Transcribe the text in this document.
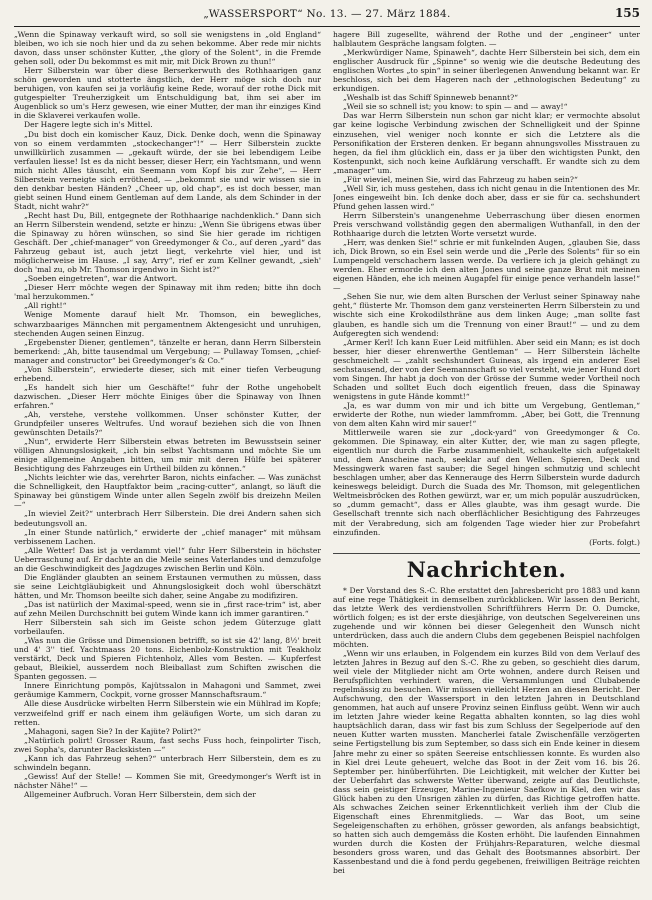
„WASSERSPORT“ No. 13. — 27. März 1884.	155

„Wenn die Spinaway verkauft wird, so soll sie wenigstens in „old England“ bleiben, wo ich sie noch hier und da zu sehen bekomme. Aber rede mir nichts davon, dass unser schönster Kutter, „the glory of the Solent“, in die Fremde gehen soll, oder Du bekommst es mit mir, mit Dick Brown zu thun!“

Herr Silberstein war über diese Berserkerwuth des Rothhaarigen ganz schön geworden und stotterte ängstlich, der Herr möge sich doch nur beruhigen, von kaufen sei ja vorläufig keine Rede, worauf der rothe Dick mit gutgespielter Treuherzigkeit um Entschuldigung bat, ihm sei aber im Augenblick so um's Herz gewesen, wie einer Mutter, der man ihr einziges Kind in die Sklaverei verkaufen wolle.

Der Hagere legte sich in's Mittel.

„Du bist doch ein komischer Kauz, Dick. Denke doch, wenn die Spinaway von so einem verdammten „stockechanger“!“ — Herr Silberstein zuckte unwillkürlich zusammen — „gekauft würde, der sie bei lebendigem Leibe verfaulen liesse! Ist es da nicht besser, dieser Herr, ein Yachtsmann, und wenn mich nicht Alles täuscht, ein Seemann vom Kopf bis zur Zehe“, — Herr Silberstein verneigte sich erröthend, — „bekommt sie und wir wissen sie in den denkbar besten Händen? „Cheer up, old chap“, es ist doch besser, man giebt seinen Hund einem Gentleman auf dem Lande, als dem Schinder in der Stadt, nicht wahr?“

„Recht hast Du, Bill, entgegnete der Rothhaarige nachdenklich.“ Dann sich an Herrn Silberstein wendend, setzte er hinzu: „Wenn Sie übrigens etwas über die Spinaway zu hören wünschen, so sind Sie hier gerade im richtigen Geschäft. Der „chief-manager“ von Greedymonger & Co., auf deren „yard“ das Fahrzeug gebaut ist, auch jetzt liegt, verkehrte viel hier, und ist möglicherweise im Hause. „I say, Arry“, rief er zum Kellner gewandt, „sieh' doch 'mal zu, ob Mr. Thomson irgendwo in Sicht ist?“

„Soeben eingetreten“, war die Antwort.

„Dieser Herr möchte wegen der Spinaway mit ihm reden; bitte ihn doch 'mal herzukommen.“

„All right!“

Wenige Momente darauf hielt Mr. Thomson, ein bewegliches, schwarzbaariges Männchen mit pergamentnem Aktengesicht und unruhigen, stechenden Augen seinen Einzug.

„Ergebenster Diener, gentlemen“, tänzelte er heran, dann Herrn Silberstein bemerkend: „Ah, bitte tausendmal um Vergebung; — Pullaway Tomsen, „chief-manager and constructor“ bei Greedymonger's & Co.“

„Von Silberstein“, erwiederte dieser, sich mit einer tiefen Verbeugung erhebend.

„Es handelt sich hier um Geschäfte!“ fuhr der Rothe ungehobelt dazwischen. „Dieser Herr möchte Einiges über die Spinaway von Ihnen erfahren.“

„Ah, verstehe, verstehe vollkommen. Unser schönster Kutter, der Grundpfeiler unseres Weltrufes. Und worauf beziehen sich die von Ihnen gewünschten Details?“

„Nun“, erwiderte Herr Silberstein etwas betreten im Bewusstsein seiner völligen Ahnungslosigkeit, „ich bin selbst Yachtsmann und möchte Sie um einige allgemeine Angaben bitten, um mir mit deren Hülfe bei späterer Besichtigung des Fahrzeuges ein Urtheil bilden zu können.“

„Nichts leichter wie das, verehrter Baron, nichts einfacher. — Was zunächst die Schnelligkeit, den Hauptfaktor beim „racing-cutter“, anlangt, so läuft die Spinaway bei günstigem Winde unter allen Segeln zwölf bis dreizehn Meilen —“

„In wieviel Zeit?“ unterbrach Herr Silberstein. Die drei Andern sahen sich bedeutungsvoll an.

„In einer Stunde natürlich,“ erwiderte der „chief manager“ mit mühsam verbissenem Lachen.

„Alle Wetter! Das ist ja verdammt viel!“ fuhr Herr Silberstein in höchster Ueberraschung auf. Er dachte an die Meile seines Vaterlandes und demzufolge an die Geschwindigkeit des Jagdzuges zwischen Berlin und Köln.

Die Engländer glaubten an seinem Erstaunen vermuthen zu müssen, dass sie seine Leichtgläubigkeit und Ahnungslosigkeit doch wohl überschätzt hätten, und Mr. Thomson beeilte sich daher, seine Angabe zu modifiziren.

„Das ist natürlich der Maximal-speed, wenn sie in „first race-trim“ ist, aber auf zehn Meilen Durchschnitt bei gutem Winde kann ich immer garantiren.“

Herr Silberstein sah sich im Geiste schon jedem Güterzuge glatt vorbeilaufen.

„Was nun die Grösse und Dimensionen betrifft, so ist sie 42' lang, 8½' breit und 4' 3'' tief. Yachtmaass 20 tons. Eichenbolz-Konstruktion mit Teakholz verstärkt, Deck und Spieren Fichtenholz, Alles vom Besten. — Kupferfest gebaut, Bleikiel, ausserdem noch Bleiballast zum Schiften zwischen die Spanten gegossen. —

Innere Einrichtung pompös, Kajütssalon in Mahagoni und Sammet, zwei geräumige Kammern, Cockpit, vorne grosser Mannschaftsraum.“

Alle diese Ausdrücke wirbelten Herrn Silberstein wie ein Mühlrad im Kopfe; verzweifelnd griff er nach einem ihm geläufigen Worte, um sich daran zu retten.

„Mahagoni, sagen Sie? In der Kajüte? Polirt?“

„Natürlich polirt! Grosser Raum, fast sechs Fuss hoch, feinpolirter Tisch, zwei Sopha's, darunter Backskisten —“

„Kann ich das Fahrzeug sehen?“ unterbrach Herr Silberstein, dem es zu schwindeln begann.

„Gewiss! Auf der Stelle! — Kommen Sie mit, Greedymonger's Werft ist in nächster Nähe!“ —

Allgemeiner Aufbruch. Voran Herr Silberstein, dem sich der

hagere Bill zugesellte, während der Rothe und der „engineer“ unter halblautem Gespräche langsam folgten. —

„Merkwürdiger Name, Spinaweh“, dachte Herr Silberstein bei sich, dem ein englischer Ausdruck für „Spinne“ so wenig wie die deutsche Bedeutung des englischen Wortes „to spin“ in seiner überlegenen Anwendung bekannt war. Er beschloss, sich bei dem Hageren nach der „ethnologischen Bedeutung“ zu erkundigen.

„Weshalb ist das Schiff Spinneweb benannt?“

„Weil sie so schnell ist; you know: to spin — and — away!“

Das war Herrn Silberstein nun schon gar nicht klar; er vermochte absolut gar keine logische Verbindung zwischen der Schnelligkeit und der Spinne einzusehen, viel weniger noch konnte er sich die Letztere als die Personifikation der Ersteren denken. Er begann ahnungsvolles Misstrauen zu hegen, da fiel ihm glücklich ein, dass er ja über den wichtigsten Punkt, den Kostenpunkt, sich noch keine Aufklärung verschafft. Er wandte sich zu dem „manager“ um.

„Für wieviel, meinen Sie, wird das Fahrzeug zu haben sein?“

„Well Sir, ich muss gestehen, dass ich nicht genau in die Intentionen des Mr. Jones eingeweiht bin. Ich denke doch aber, dass er sie für ca. sechshundert Pfund gehen lassen wird.“

Herrn Silberstein's unangenehme Ueberraschung über diesen enormen Preis verschwand vollständig gegen den abermaligen Wuthanfall, in den der Rothhaarige durch die letzten Worte versetzt wurde.

„Herr, was denken Sie!“ schrie er mit funkelnden Augen, „glauben Sie, dass ich, Dick Brown, so ein Esel sein werde und die „Perle des Solents“ für so ein Lumpengeld verschachern lassen werde. Da verliere ich ja gleich gehängt zu werden. Eher ermorde ich den alten Jones und seine ganze Brut mit meinen eigenen Händen, ehe ich meinen Augapfel für einige pence verhandeln lasse!“ —

„Sehen Sie nur, wie dem alten Burschen der Verlust seiner Spinaway nahe geht,“ flüsterte Mr. Thomson dem ganz versteinerten Herrn Silberstein zu und wischte sich eine Krokodilsthräne aus dem linken Auge; „man sollte fast glauben, es handle sich um die Trennung von einer Braut!“ — und zu dem Aufgeregten sich wendend:

„Armer Kerl! Ich kann Euer Leid mitfühlen. Aber seid ein Mann; es ist doch besser, hier dieser ehrenwerthe Gentleman“ — Herr Silberstein lächelte geschmeichelt — „zahlt sechshundert Guineas, als irgend ein anderer Esel sechstausend, der von der Seemannschaft so viel versteht, wie jener Hund dort vom Singen. Ihr habt ja doch von der Grösse der Summe weder Vortheil noch Schaden und solltet Euch doch eigentlich freuen, dass die Spinaway wenigstens in gute Hände kommt!“

„Ja, es war dumm von mir und ich bitte um Vergebung, Gentleman,“ erwiderte der Rothe, nun wieder lammfromm. „Aber, bei Gott, die Trennung von dem alten Kahn wird mir sauer!“

Mittlerweile waren sie zur „dock-yard“ von Greedymonger & Co. gekommen. Die Spinaway, ein alter Kutter, der, wie man zu sagen pflegte, eigentlich nur durch die Farbe zusammenhielt, schaukelte sich aufgetakelt und, dem Anscheine nach, seeklar auf den Wellen. Spieren, Deck und Messingwerk waren fast sauber; die Segel hingen schmutzig und schlecht beschlagen umher, aber das Kennerauge des Herrn Silberstein wurde dadurch keineswegs beleidigt. Durch die Suada des Mr. Thomson, mit gelegentlichen Weltmeisbröcken des Rothen gewürzt, war er, um mich populär auszudrücken, so „dumm gemacht“, dass er Alles glaubte, was ihm gesagt wurde. Die Gesellschaft trennte sich nach oberflächlicher Besichtigung des Fahrzeuges mit der Verabredung, sich am folgenden Tage wieder hier zur Probefahrt einzufinden.

(Forts. folgt.)
Nachrichten.

* Der Vorstand des S.-C. Rhe erstattet den Jahresbericht pro 1883 und kann auf eine rege Thätigkeit in demselben zurückblicken. Wir lassen den Bericht, das letzte Werk des verdienstvollen Schriftführers Herrn Dr. O. Dumcke, wörtlich folgen; es ist der erste diesjährige, von deutschen Segelvereinen uns zugehende und wir können bei dieser Gelegenheit den Wunsch nicht unterdrücken, dass auch die andern Clubs dem gegebenen Beispiel nachfolgen möchten.

„Wenn wir uns erlauben, in Folgendem ein kurzes Bild von dem Verlauf des letzten Jahres in Bezug auf den S.-C. Rhe zu geben, so geschieht dies darum, weil viele der Mitglieder nicht am Orte wohnen, andere durch Reisen und Berufspflichten verhindert waren, die Versammlungen und Clubabende regelmässig zu besuchen. Wir müssen vielleicht Herzen an diesen Bericht. Der Aufschwung, den der Wassersport in den letzten Jahren in Deutschland genommen, hat auch auf unsere Provinz seinen Einfluss geübt. Wenn wir auch im letzten Jahre wieder keine Regatta abhalten konnten, so lag dies wohl hauptsächlich daran, dass wir fast bis zum Schluss der Segelperiode auf den neuen Kutter warten mussten. Mancherlei fatale Zwischenfälle verzögerten seine Fertigstellung bis zum September, so dass sich ein Ende keiner in diesem Jahre mehr zu einer so späten Seereise entschliessen konnte. Es wurden also in Kiel drei Leute geheuert, welche das Boot in der Zeit vom 16. bis 26. September per. hinüberführten. Die Leichtigkeit, mit welcher der Kutter bei der Ueberfahrt das schwerste Wetter überwand, zeigte auf das Deutlichste, dass sein geistiger Erzeuger, Marine-Ingenieur Saefkow in Kiel, den wir das Glück haben zu den Unsrigen zählen zu dürfen, das Richtige getroffen hatte. Als schwaches Zeichen seiner Erkenntlichkeit verlieh ihm der Club die Eigenschaft eines Ehrenmitglieds. — War das Boot, um seine Segeleigenschaften zu erhöhen, grösser geworden, als anfangs beabsichtigt, so hatten sich auch demgemäss die Kosten erhöht. Die laufenden Einnahmen wurden durch die Kosten der Frühjahrs-Reparaturen, welche diesmal besonders gross waren, und das Gehalt des Bootsmannes absorbirt. Der Kassenbestand und die à fond perdu gegebenen, freiwilligen Beiträge reichten bei
